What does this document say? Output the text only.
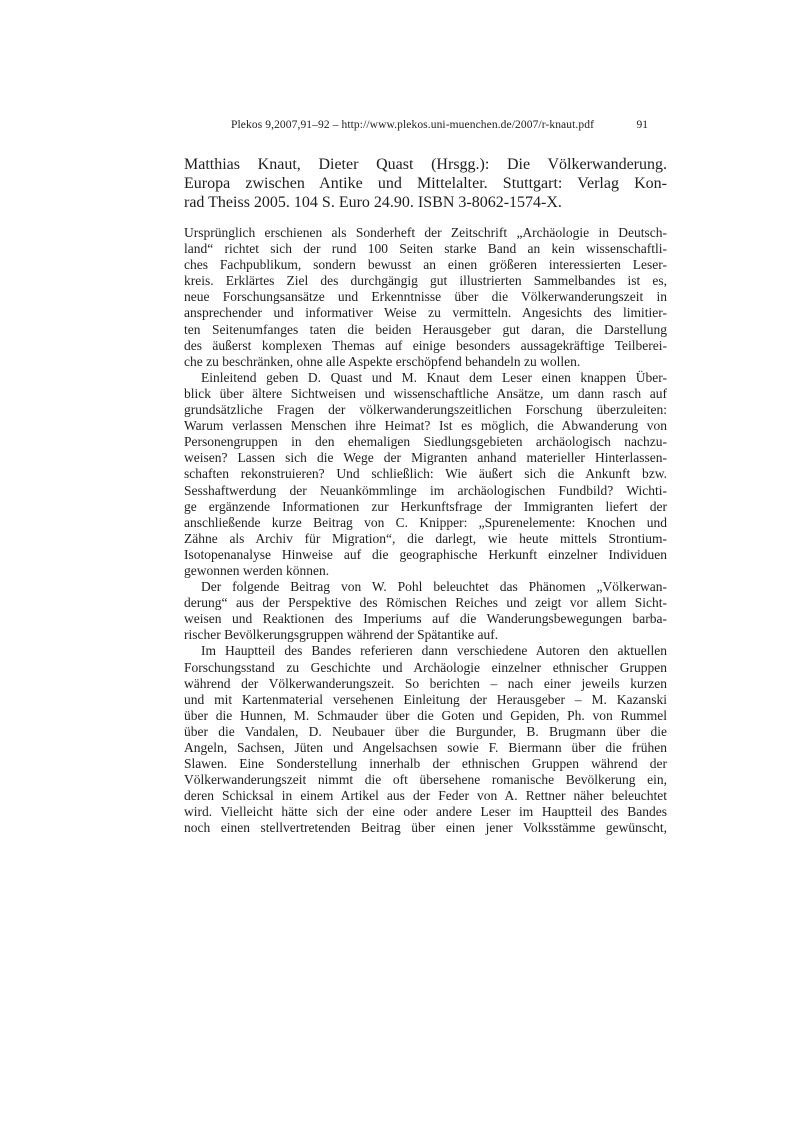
Plekos 9,2007,91–92 – http://www.plekos.uni-muenchen.de/2007/r-knaut.pdf	91
Matthias Knaut, Dieter Quast (Hrsgg.): Die Völkerwanderung.
Europa zwischen Antike und Mittelalter. Stuttgart: Verlag Kon-
rad Theiss 2005. 104 S. Euro 24.90. ISBN 3-8062-1574-X.
Ursprünglich erschienen als Sonderheft der Zeitschrift „Archäologie in Deutsch-
land“ richtet sich der rund 100 Seiten starke Band an kein wissenschaftli-
ches Fachpublikum, sondern bewusst an einen größeren interessierten Leser-
kreis. Erklärtes Ziel des durchgängig gut illustrierten Sammelbandes ist es,
neue Forschungsansätze und Erkenntnisse über die Völkerwanderungszeit in
ansprechender und informativer Weise zu vermitteln. Angesichts des limitier-
ten Seitenumfanges taten die beiden Herausgeber gut daran, die Darstellung
des äußerst komplexen Themas auf einige besonders aussagekräftige Teilberei-
che zu beschränken, ohne alle Aspekte erschöpfend behandeln zu wollen.
Einleitend geben D. Quast und M. Knaut dem Leser einen knappen Über-
blick über ältere Sichtweisen und wissenschaftliche Ansätze, um dann rasch auf
grundsätzliche Fragen der völkerwanderungszeitlichen Forschung überzuleiten:
Warum verlassen Menschen ihre Heimat? Ist es möglich, die Abwanderung von
Personengruppen in den ehemaligen Siedlungsgebieten archäologisch nachzu-
weisen? Lassen sich die Wege der Migranten anhand materieller Hinterlassen-
schaften rekonstruieren? Und schließlich: Wie äußert sich die Ankunft bzw.
Sesshaftwerdung der Neuankömmlinge im archäologischen Fundbild? Wichti-
ge ergänzende Informationen zur Herkunftsfrage der Immigranten liefert der
anschließende kurze Beitrag von C. Knipper: „Spurenelemente: Knochen und
Zähne als Archiv für Migration“, die darlegt, wie heute mittels Strontium-
Isotopenanalyse Hinweise auf die geographische Herkunft einzelner Individuen
gewonnen werden können.
Der folgende Beitrag von W. Pohl beleuchtet das Phänomen „Völkerwan-
derung“ aus der Perspektive des Römischen Reiches und zeigt vor allem Sicht-
weisen und Reaktionen des Imperiums auf die Wanderungsbewegungen barba-
rischer Bevölkerungsgruppen während der Spätantike auf.
Im Hauptteil des Bandes referieren dann verschiedene Autoren den aktuellen
Forschungsstand zu Geschichte und Archäologie einzelner ethnischer Gruppen
während der Völkerwanderungszeit. So berichten – nach einer jeweils kurzen
und mit Kartenmaterial versehenen Einleitung der Herausgeber – M. Kazanski
über die Hunnen, M. Schmauder über die Goten und Gepiden, Ph. von Rummel
über die Vandalen, D. Neubauer über die Burgunder, B. Brugmann über die
Angeln, Sachsen, Jüten und Angelsachsen sowie F. Biermann über die frühen
Slawen. Eine Sonderstellung innerhalb der ethnischen Gruppen während der
Völkerwanderungszeit nimmt die oft übersehene romanische Bevölkerung ein,
deren Schicksal in einem Artikel aus der Feder von A. Rettner näher beleuchtet
wird. Vielleicht hätte sich der eine oder andere Leser im Hauptteil des Bandes
noch einen stellvertretenden Beitrag über einen jener Volksstämme gewünscht,
